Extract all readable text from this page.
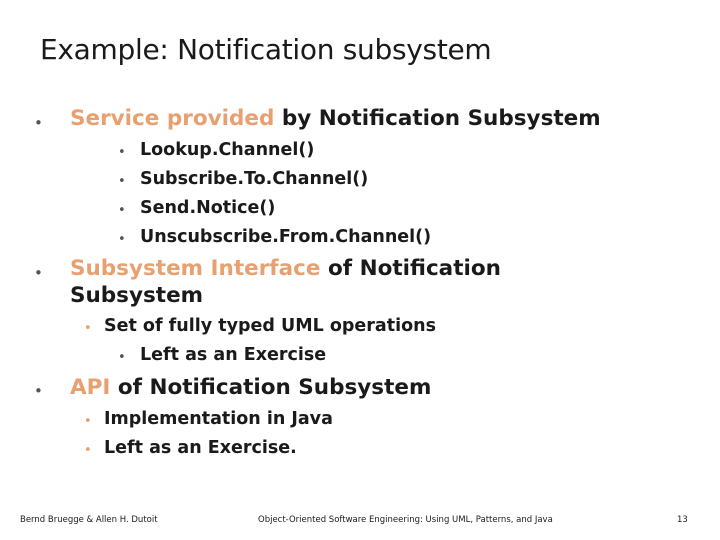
Example: Notification subsystem
• Service provided by Notification Subsystem
• Lookup.Channel()
• Subscribe.To.Channel()
• Send.Notice()
• Unscubscribe.From.Channel()
• Subsystem Interface of Notification
Subsystem
• Set of fully typed UML operations
• Left as an Exercise
• API of Notification Subsystem
• Implementation in Java
• Left as an Exercise.
Bernd Bruegge & Allen H. Dutoit	Object-Oriented Software Engineering: Using UML, Patterns, and Java	13
